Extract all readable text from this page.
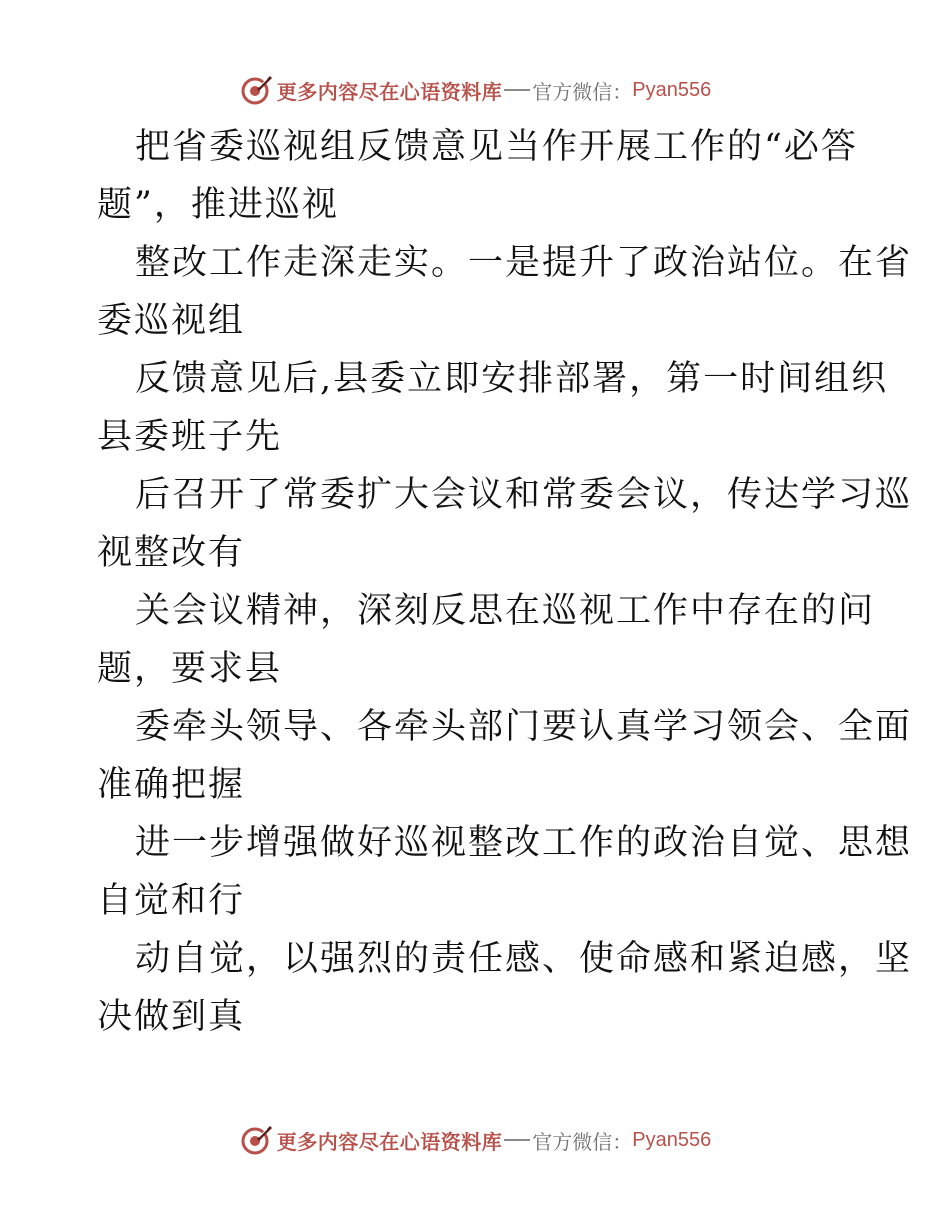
更多内容尽在心语资料库 官方微信： Pyan556
把省委巡视组反馈意见当作开展工作的“必答
题”，推进巡视
整改工作走深走实。一是提升了政治站位。在省
委巡视组
反馈意见后,县委立即安排部署，第一时间组织
县委班子先
后召开了常委扩大会议和常委会议，传达学习巡
视整改有
关会议精神，深刻反思在巡视工作中存在的问
题，要求县
委牵头领导、各牵头部门要认真学习领会、全面
准确把握
进一步增强做好巡视整改工作的政治自觉、思想
自觉和行
动自觉，以强烈的责任感、使命感和紧迫感，坚
决做到真
更多内容尽在心语资料库 官方微信： Pyan556
